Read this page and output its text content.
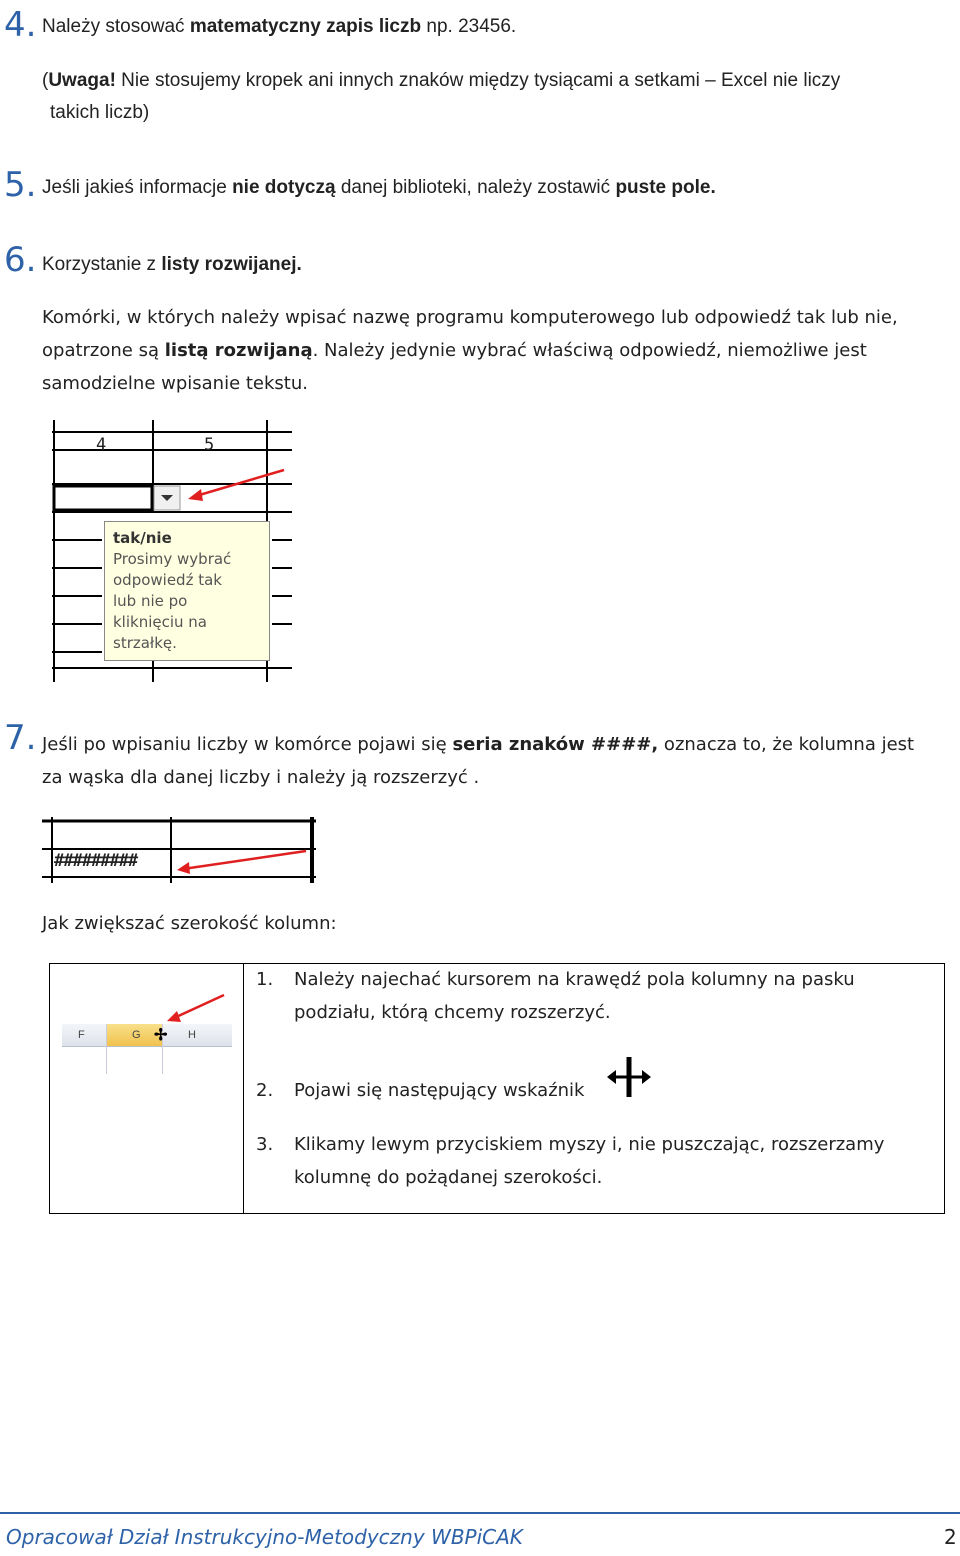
4. Należy stosować matematyczny zapis liczb np. 23456.
(Uwaga! Nie stosujemy kropek ani innych znaków między tysiącami a setkami – Excel nie liczy
takich liczb)
5. Jeśli jakieś informacje nie dotyczą danej biblioteki, należy zostawić puste pole.
6. Korzystanie z listy rozwijanej.
Komórki, w których należy wpisać nazwę programu komputerowego lub odpowiedź tak lub nie,
opatrzone są listą rozwijaną. Należy jedynie wybrać właściwą odpowiedź, niemożliwe jest
samodzielne wpisanie tekstu.
4	5
tak/nie
Prosimy wybrać
odpowiedź tak
lub nie po
kliknięciu na
strzałkę.
7. Jeśli po wpisaniu liczby w komórce pojawi się seria znaków ####, oznacza to, że kolumna jest
za wąska dla danej liczby i należy ją rozszerzyć .
#########
Jak zwiększać szerokość kolumn:
F	G	H
✢
1. Należy najechać kursorem na krawędź pola kolumny na pasku
podziału, którą chcemy rozszerzyć.
2. Pojawi się następujący wskaźnik
3. Klikamy lewym przyciskiem myszy i, nie puszczając, rozszerzamy
kolumnę do pożądanej szerokości.
Opracował Dział Instrukcyjno-Metodyczny WBPiCAK	2
